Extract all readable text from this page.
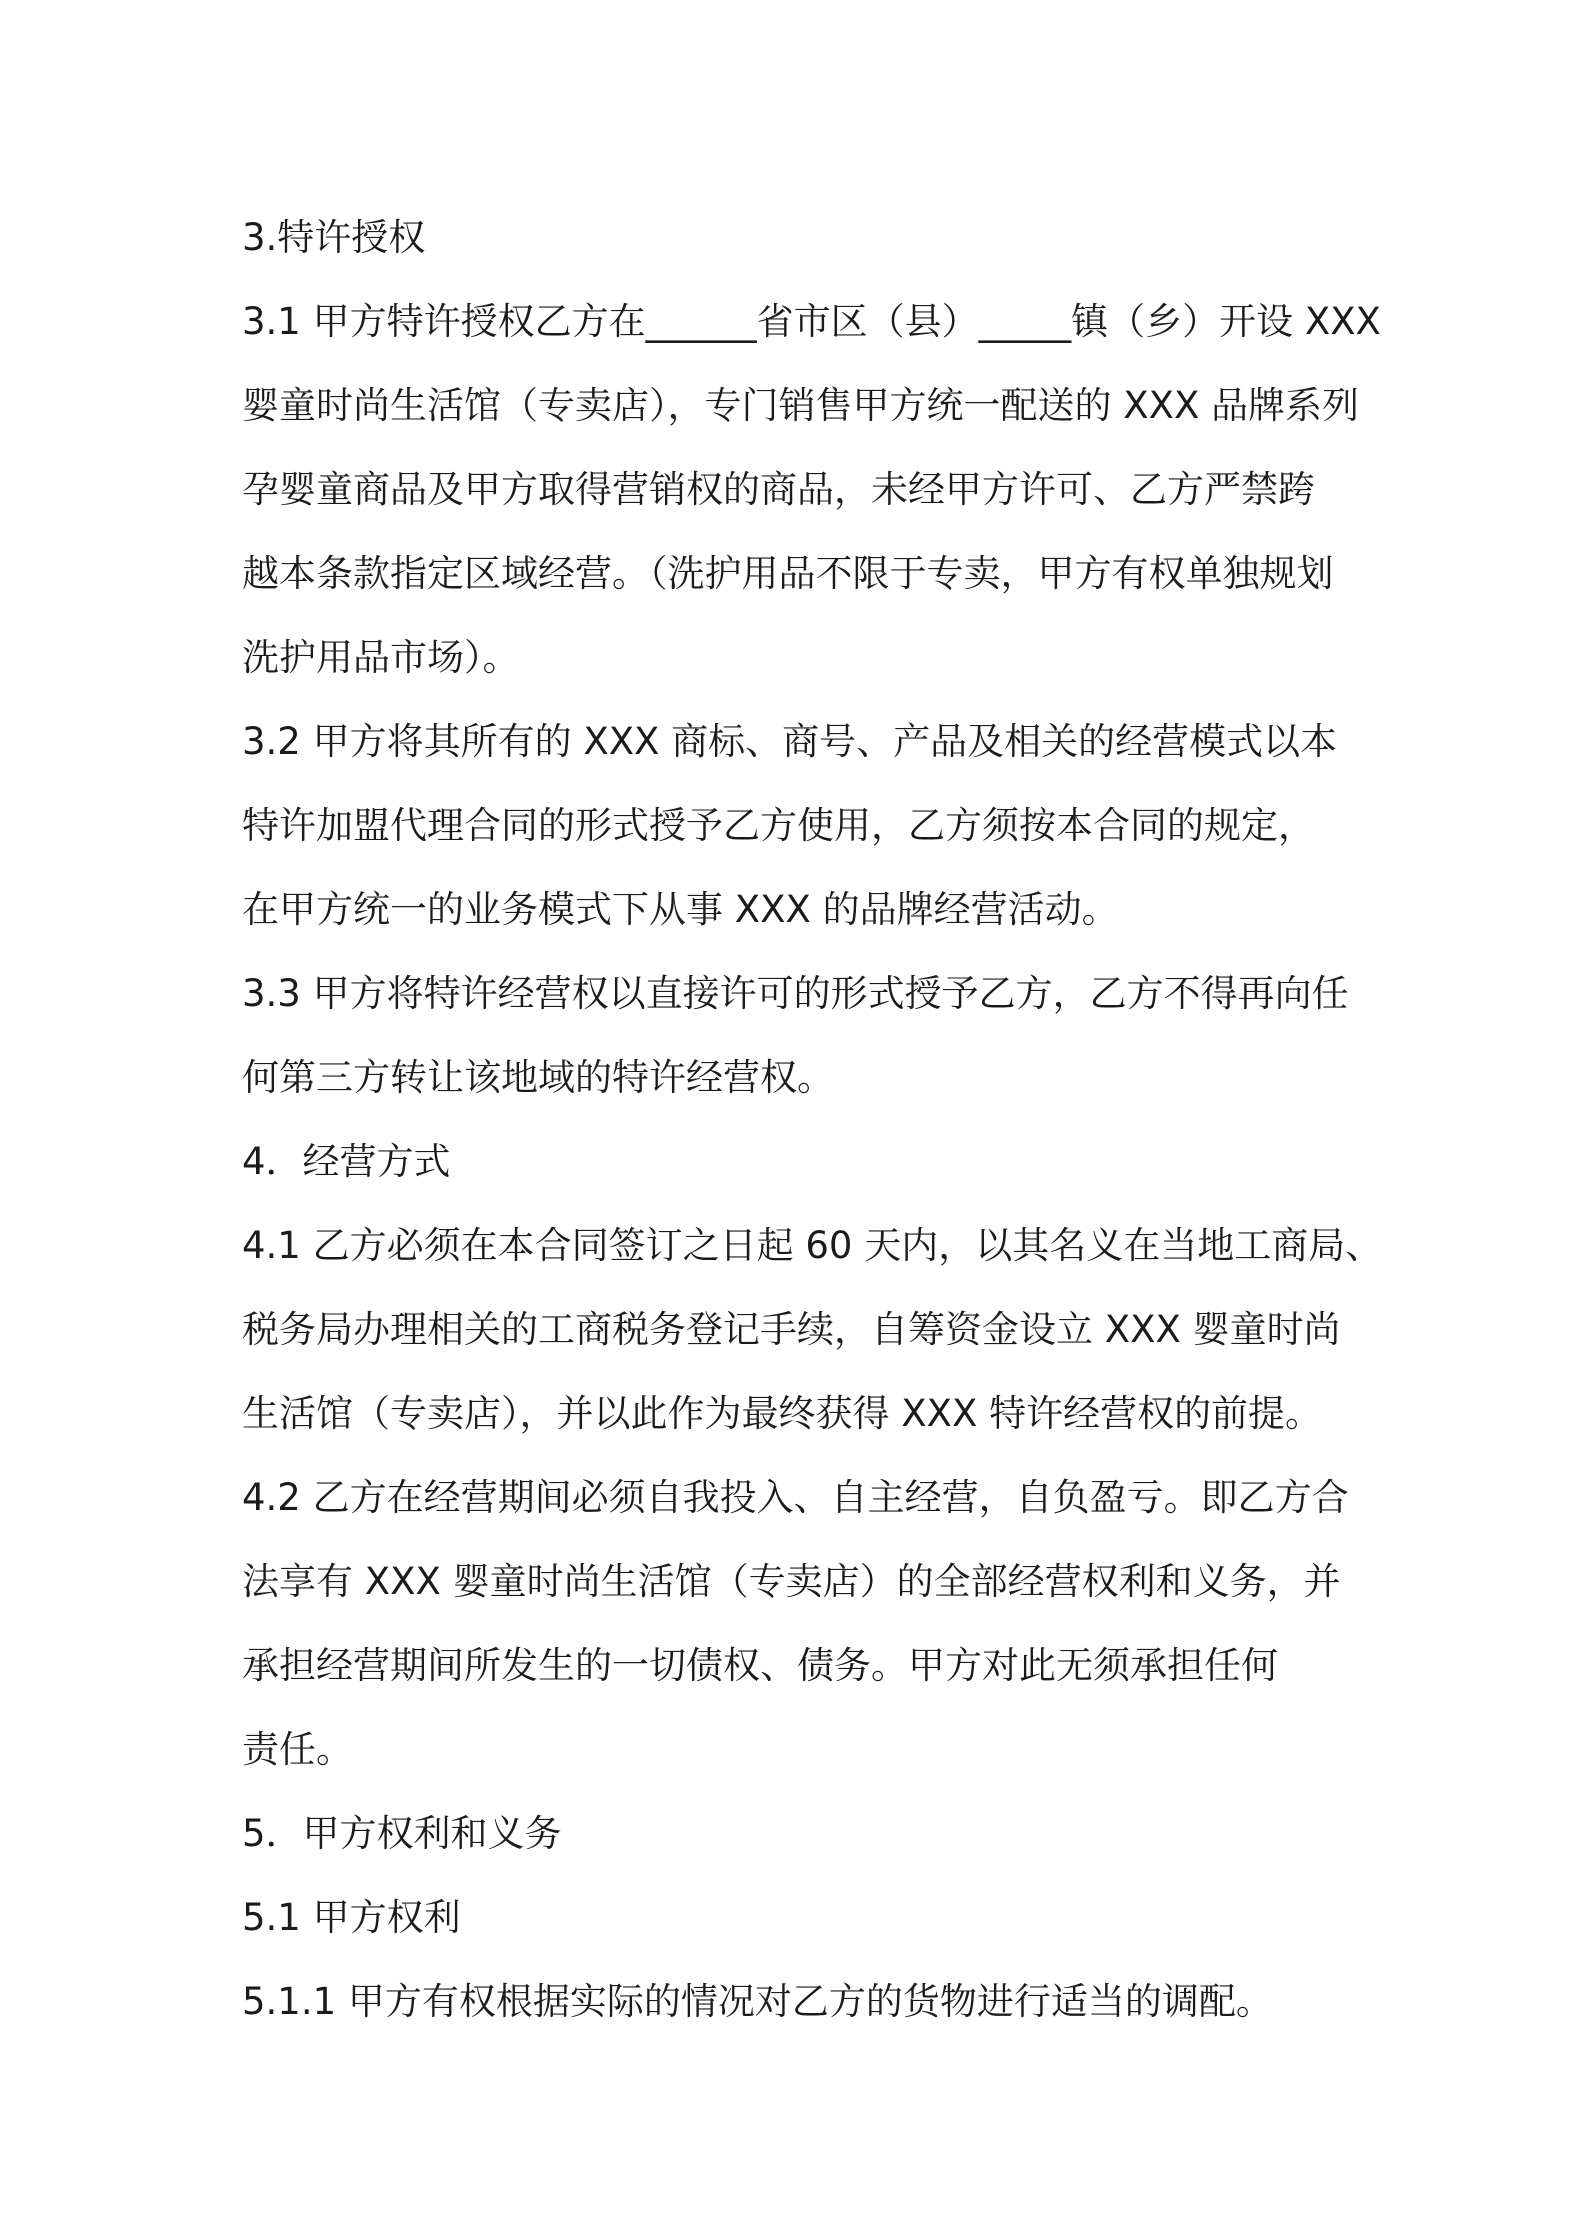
3.特许授权
3.1 甲方特许授权乙方在______省市区（县）_____镇（乡）开设 XXX
婴童时尚生活馆（专卖店），专门销售甲方统一配送的 XXX 品牌系列
孕婴童商品及甲方取得营销权的商品，未经甲方许可、乙方严禁跨
越本条款指定区域经营。（洗护用品不限于专卖，甲方有权单独规划
洗护用品市场）。
3.2 甲方将其所有的 XXX 商标、商号、产品及相关的经营模式以本
特许加盟代理合同的形式授予乙方使用，乙方须按本合同的规定，
在甲方统一的业务模式下从事 XXX 的品牌经营活动。
3.3 甲方将特许经营权以直接许可的形式授予乙方，乙方不得再向任
何第三方转让该地域的特许经营权。
4．经营方式
4.1 乙方必须在本合同签订之日起 60 天内，以其名义在当地工商局、
税务局办理相关的工商税务登记手续，自筹资金设立 XXX 婴童时尚
生活馆（专卖店），并以此作为最终获得 XXX 特许经营权的前提。
4.2 乙方在经营期间必须自我投入、自主经营，自负盈亏。即乙方合
法享有 XXX 婴童时尚生活馆（专卖店）的全部经营权利和义务，并
承担经营期间所发生的一切债权、债务。甲方对此无须承担任何
责任。
5．甲方权利和义务
5.1 甲方权利
5.1.1 甲方有权根据实际的情况对乙方的货物进行适当的调配。
